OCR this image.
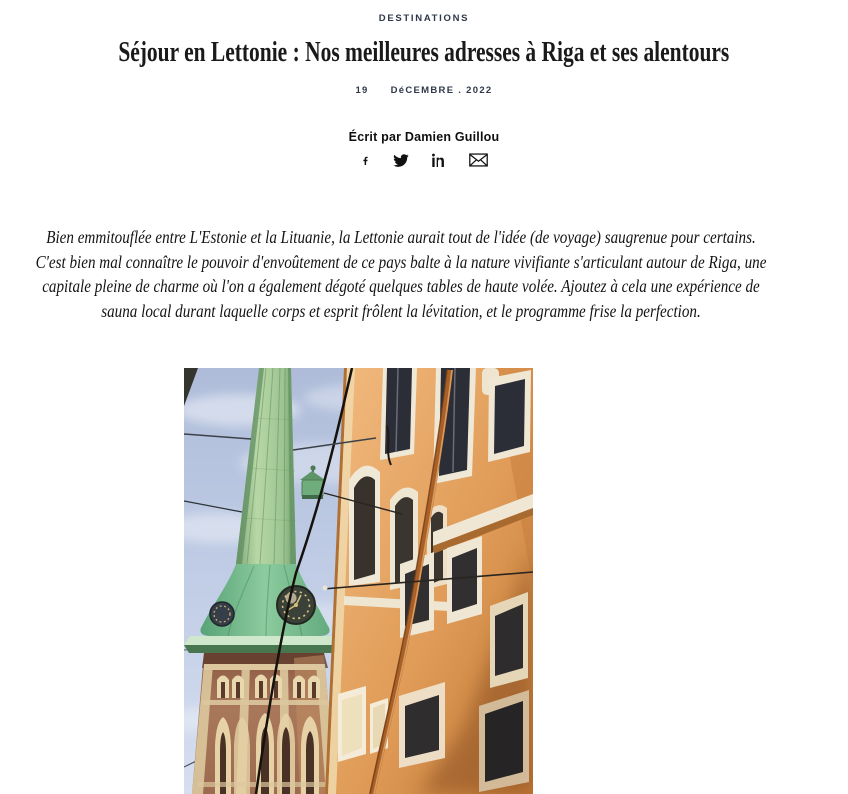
DESTINATIONS
Séjour en Lettonie : Nos meilleures adresses à Riga et ses alentours
19 DéCEMBRE . 2022
Écrit par Damien Guillou

Bien emmitouflée entre L'Estonie et la Lituanie, la Lettonie aurait tout de l'idée (de voyage) saugrenue pour certains. C'est bien mal connaître le pouvoir d'envoûtement de ce pays balte à la nature vivifiante s'articulant autour de Riga, une capitale pleine de charme où l'on a également dégoté quelques tables de haute volée. Ajoutez à cela une expérience de sauna local durant laquelle corps et esprit frôlent la lévitation, et le programme frise la perfection.
